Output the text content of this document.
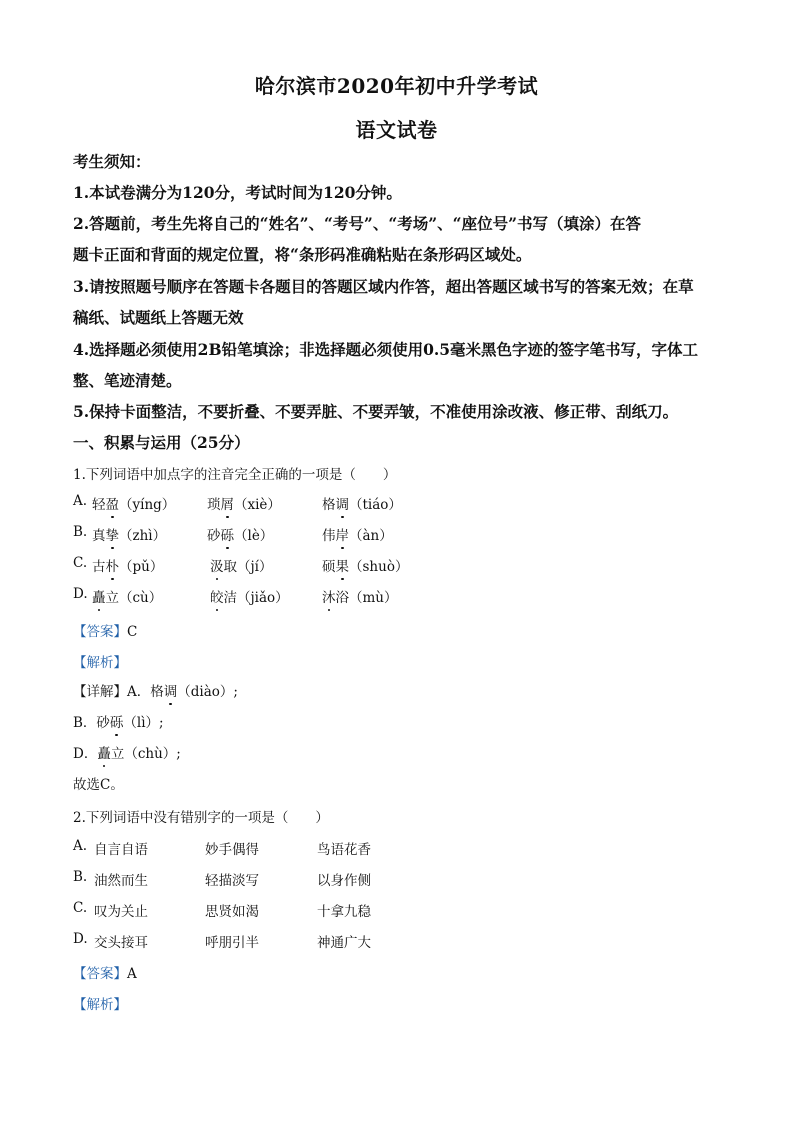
哈尔滨市2020年初中升学考试
语文试卷
考生须知：
1.本试卷满分为120分，考试时间为120分钟。
2.答题前，考生先将自己的“姓名”、“考号”、“考场”、“座位号”书写（填涂）在答
题卡正面和背面的规定位置，将“条形码准确粘贴在条形码区域处。
3.请按照题号顺序在答题卡各题目的答题区域内作答，超出答题区域书写的答案无效；在草
稿纸、试题纸上答题无效
4.选择题必须使用2B铅笔填涂；非选择题必须使用0.5毫米黑色字迹的签字笔书写，字体工
整、笔迹清楚。
5.保持卡面整洁，不要折叠、不要弄脏、不要弄皱，不准使用涂改液、修正带、刮纸刀。
一、积累与运用（25分）
1.下列词语中加点字的注音完全正确的一项是（　　）
A. 轻盈（yíng） 琐屑（xiè）	格调（tiáo）
B. 真挚（zhì）	砂砾（lè）	伟岸（àn）
C. 古朴（pǔ）	汲取（jí）	硕果（shuò）
D. 矗立（cù）	皎洁（jiǎo） 沐浴（mù）
【答案】C
【解析】
【详解】A．格调（diào）;
B．砂砾（lì）;
D．矗立（chù）;
故选C。
2.下列词语中没有错别字的一项是（　　）
A. 自言自语	妙手偶得	鸟语花香
B. 油然而生	轻描淡写	以身作侧
C. 叹为关止	思贤如渴	十拿九稳
D. 交头接耳	呼朋引半	神通广大
【答案】A
【解析】
